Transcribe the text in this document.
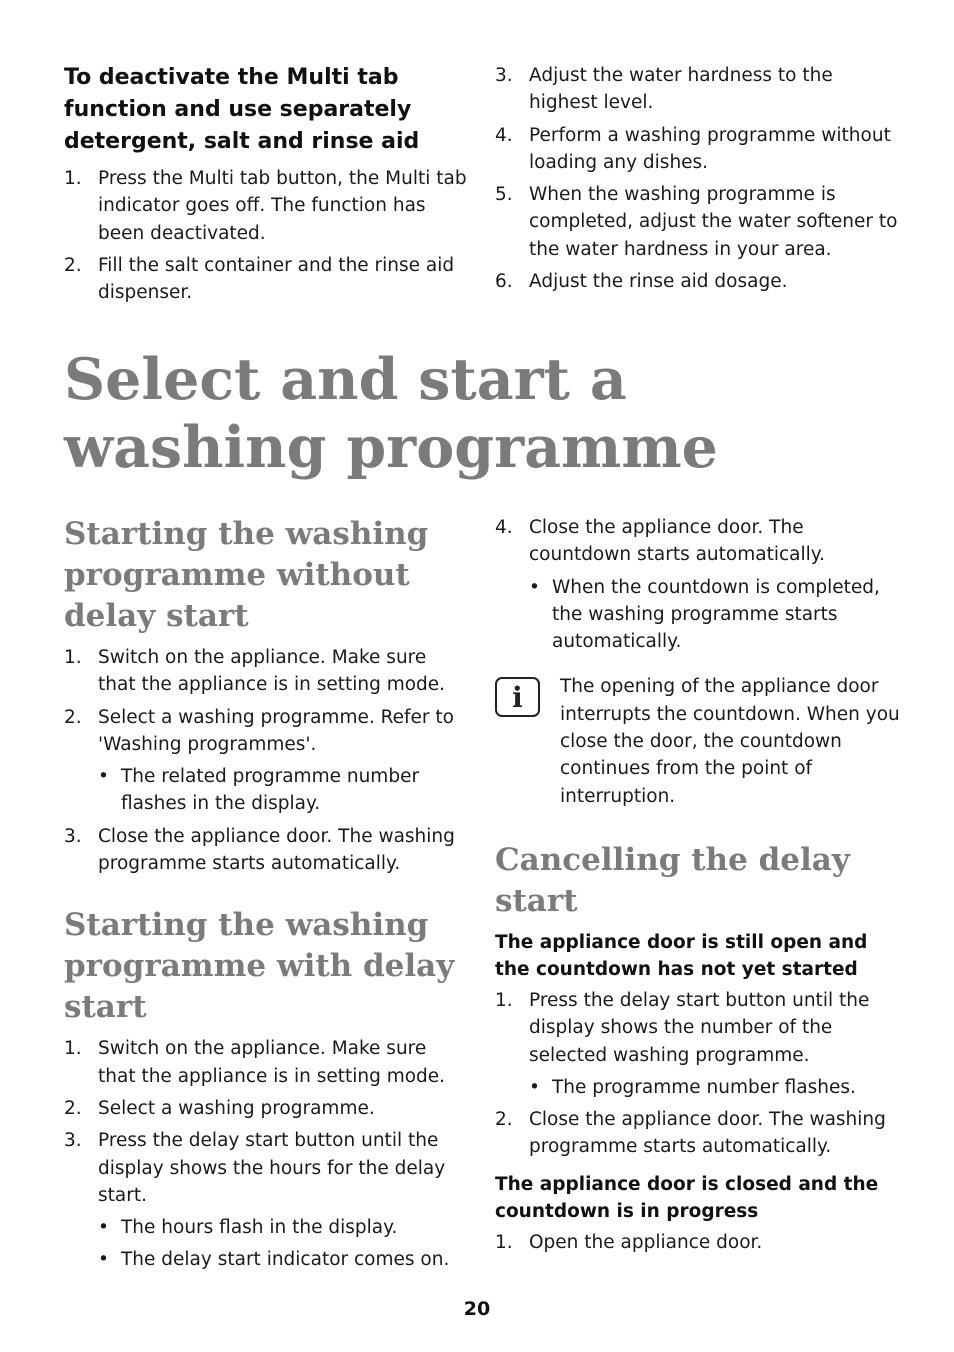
To deactivate the Multi tab function and use separately detergent, salt and rinse aid
1. Press the Multi tab button, the Multi tab indicator goes off. The function has been deactivated.
2. Fill the salt container and the rinse aid dispenser.
3. Adjust the water hardness to the highest level.
4. Perform a washing programme without loading any dishes.
5. When the washing programme is completed, adjust the water softener to the water hardness in your area.
6. Adjust the rinse aid dosage.
Select and start a washing programme
Starting the washing programme without delay start
1. Switch on the appliance. Make sure that the appliance is in setting mode.
2. Select a washing programme. Refer to 'Washing programmes'.
• The related programme number flashes in the display.
3. Close the appliance door. The washing programme starts automatically.
Starting the washing programme with delay start
1. Switch on the appliance. Make sure that the appliance is in setting mode.
2. Select a washing programme.
3. Press the delay start button until the display shows the hours for the delay start.
• The hours flash in the display.
• The delay start indicator comes on.
4. Close the appliance door. The countdown starts automatically.
• When the countdown is completed, the washing programme starts automatically.
i	The opening of the appliance door interrupts the countdown. When you close the door, the countdown continues from the point of interruption.
Cancelling the delay start
The appliance door is still open and the countdown has not yet started
1. Press the delay start button until the display shows the number of the selected washing programme.
• The programme number flashes.
2. Close the appliance door. The washing programme starts automatically.
The appliance door is closed and the countdown is in progress
1. Open the appliance door.
20
